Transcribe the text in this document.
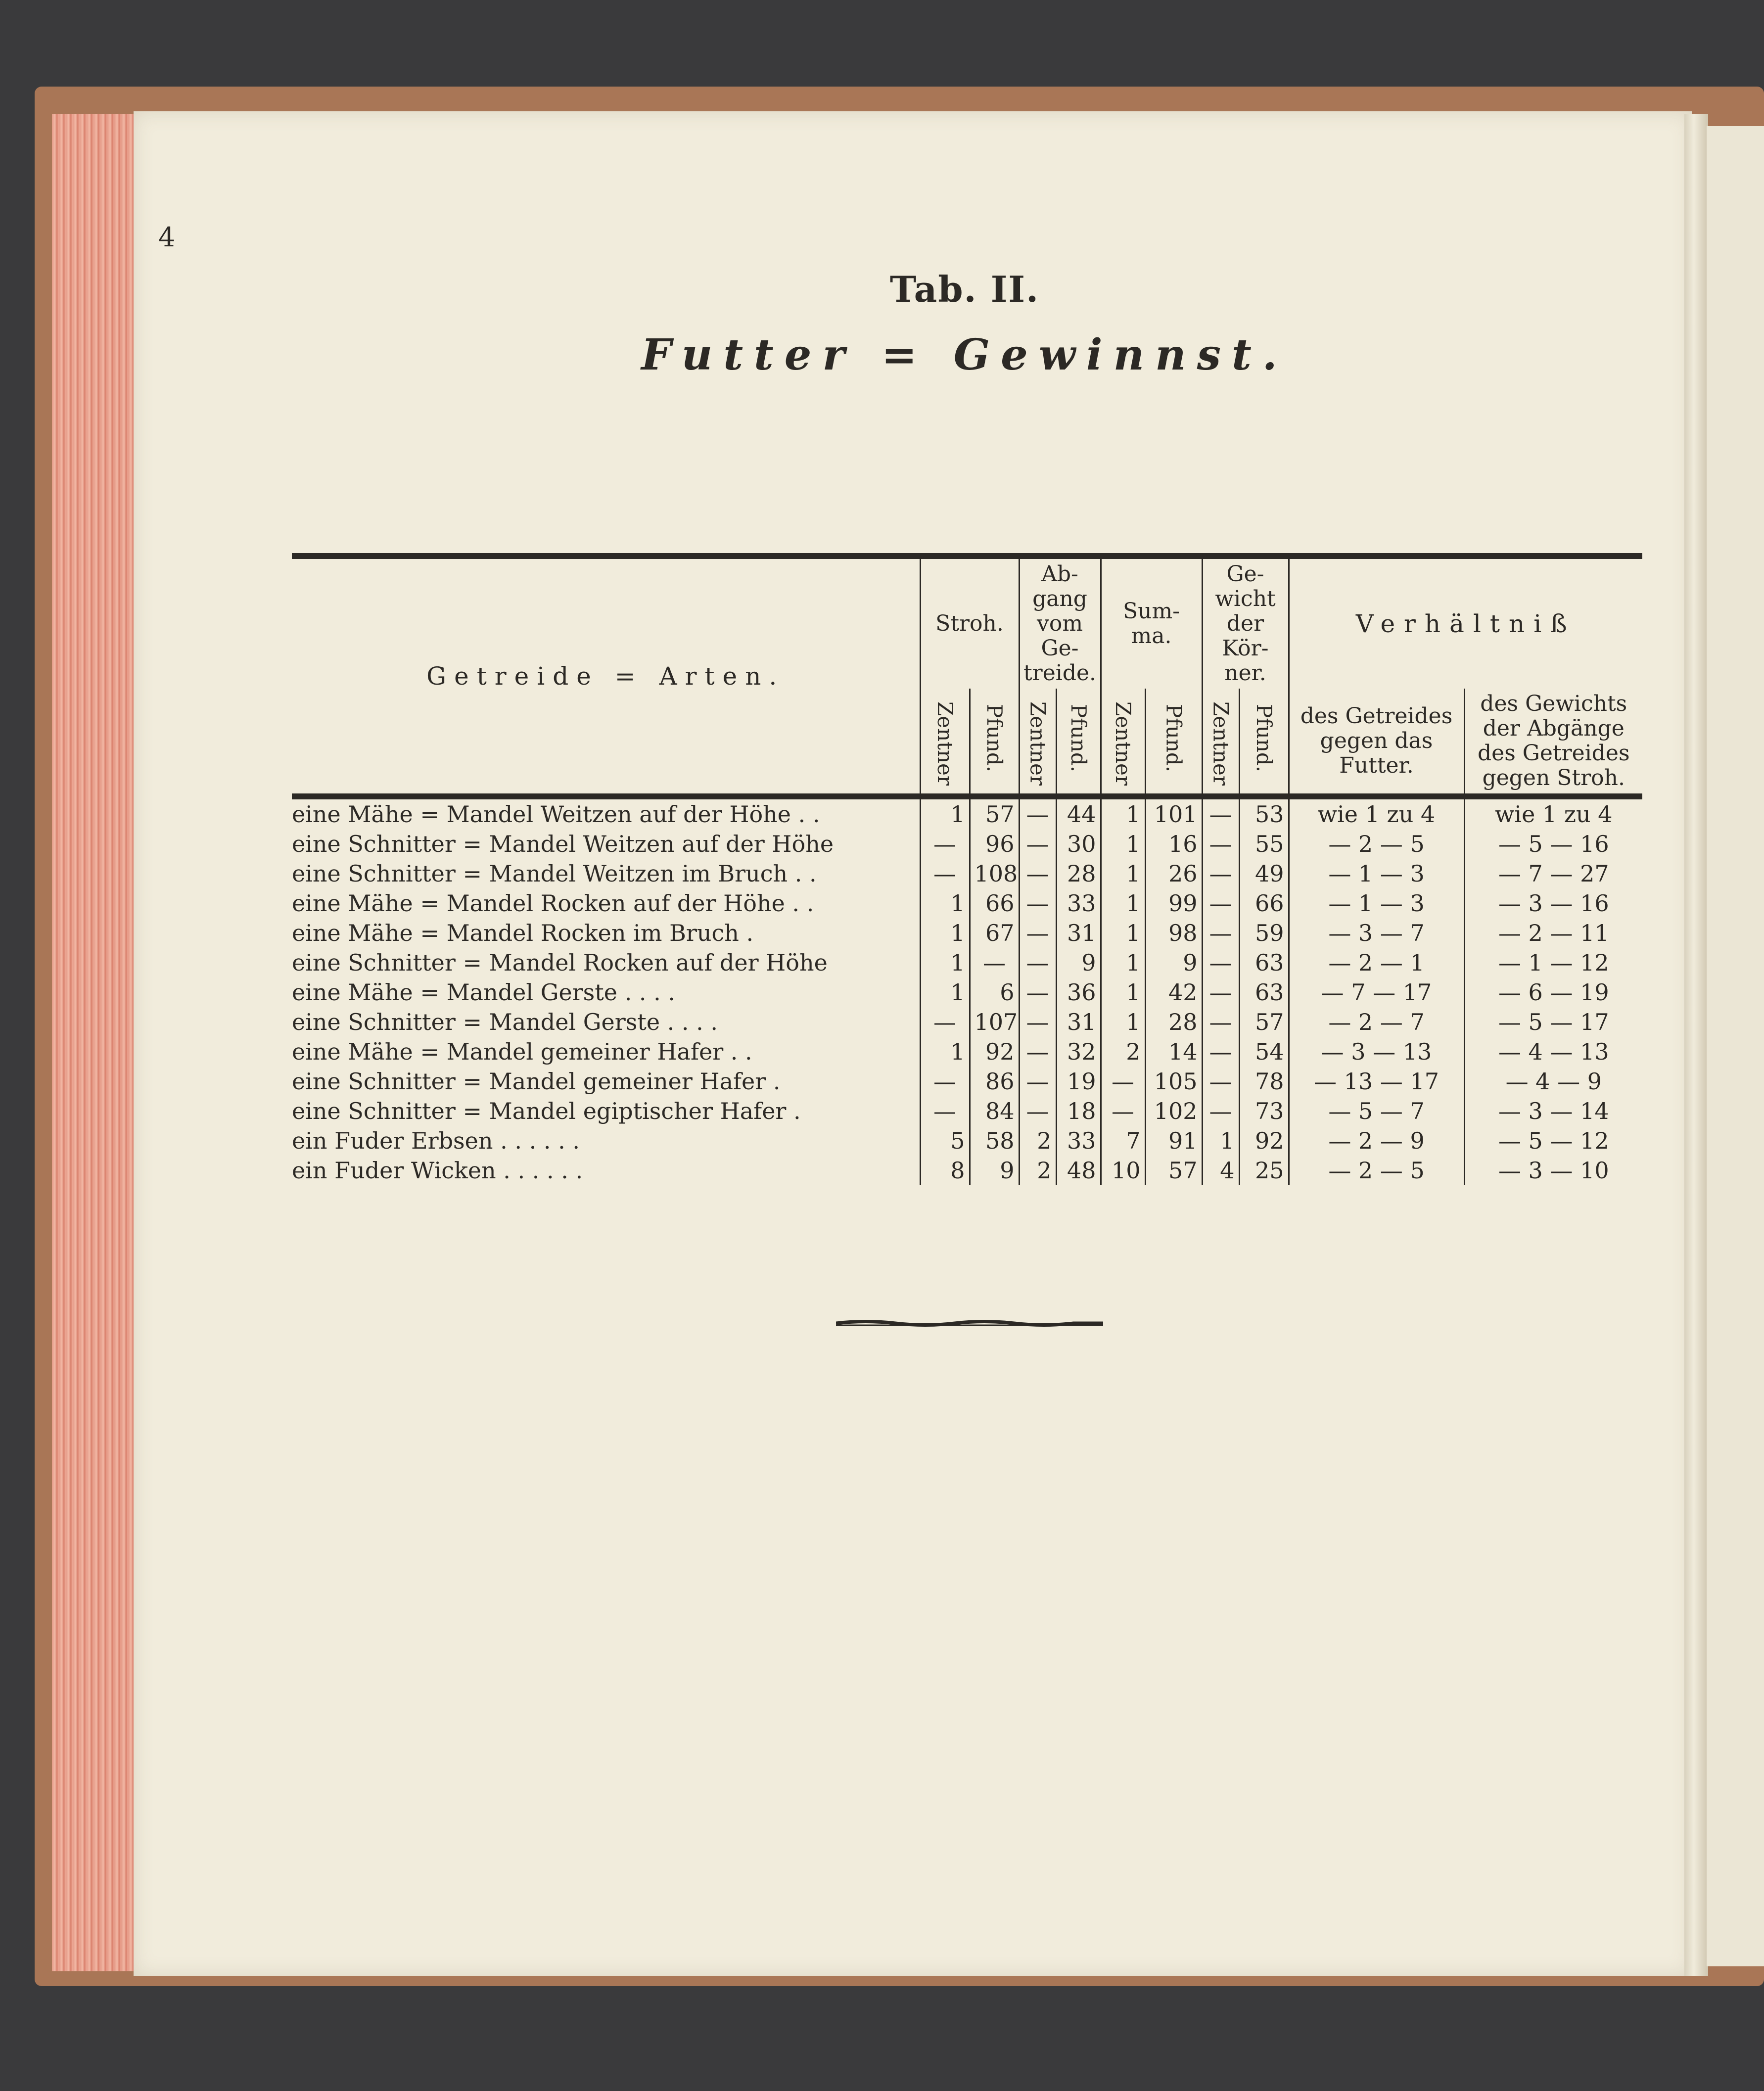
4

Tab. II.
Futter = Gewinnst.
Getreide = Arten.	Stroh.		Ab- gang vom Ge- treide.		Sum- ma.		Ge- wicht der Kör- ner.		Verhältniß	
	Zentner	Pfund.	Zentner	Pfund.	Zentner	Pfund.	Zentner	Pfund.	des Getreides gegen das Futter.	des Gewichts der Abgänge des Getreides gegen Stroh.
eine Mähe = Mandel Weitzen auf der Höhe . .	1	57	—	44	1	101	—	53	wie 1 zu 4	wie 1 zu 4
eine Schnitter = Mandel Weitzen auf der Höhe	—	96	—	30	1	16	—	55	— 2 — 5	— 5 — 16
eine Schnitter = Mandel Weitzen im Bruch . .	—	108	—	28	1	26	—	49	— 1 — 3	— 7 — 27
eine Mähe = Mandel Rocken auf der Höhe . .	1	66	—	33	1	99	—	66	— 1 — 3	— 3 — 16
eine Mähe = Mandel Rocken im Bruch .	1	67	—	31	1	98	—	59	— 3 — 7	— 2 — 11
eine Schnitter = Mandel Rocken auf der Höhe	1	—	—	9	1	9	—	63	— 2 — 1	— 1 — 12
eine Mähe = Mandel Gerste . . . .	1	6	—	36	1	42	—	63	— 7 — 17	— 6 — 19
eine Schnitter = Mandel Gerste . . . .	—	107	—	31	1	28	—	57	— 2 — 7	— 5 — 17
eine Mähe = Mandel gemeiner Hafer . .	1	92	—	32	2	14	—	54	— 3 — 13	— 4 — 13
eine Schnitter = Mandel gemeiner Hafer .	—	86	—	19	—	105	—	78	— 13 — 17	— 4 — 9
eine Schnitter = Mandel egiptischer Hafer .	—	84	—	18	—	102	—	73	— 5 — 7	— 3 — 14
ein Fuder Erbsen . . . . . .	5	58	2	33	7	91	1	92	— 2 — 9	— 5 — 12
ein Fuder Wicken . . . . . .	8	9	2	48	10	57	4	25	— 2 — 5	— 3 — 10
